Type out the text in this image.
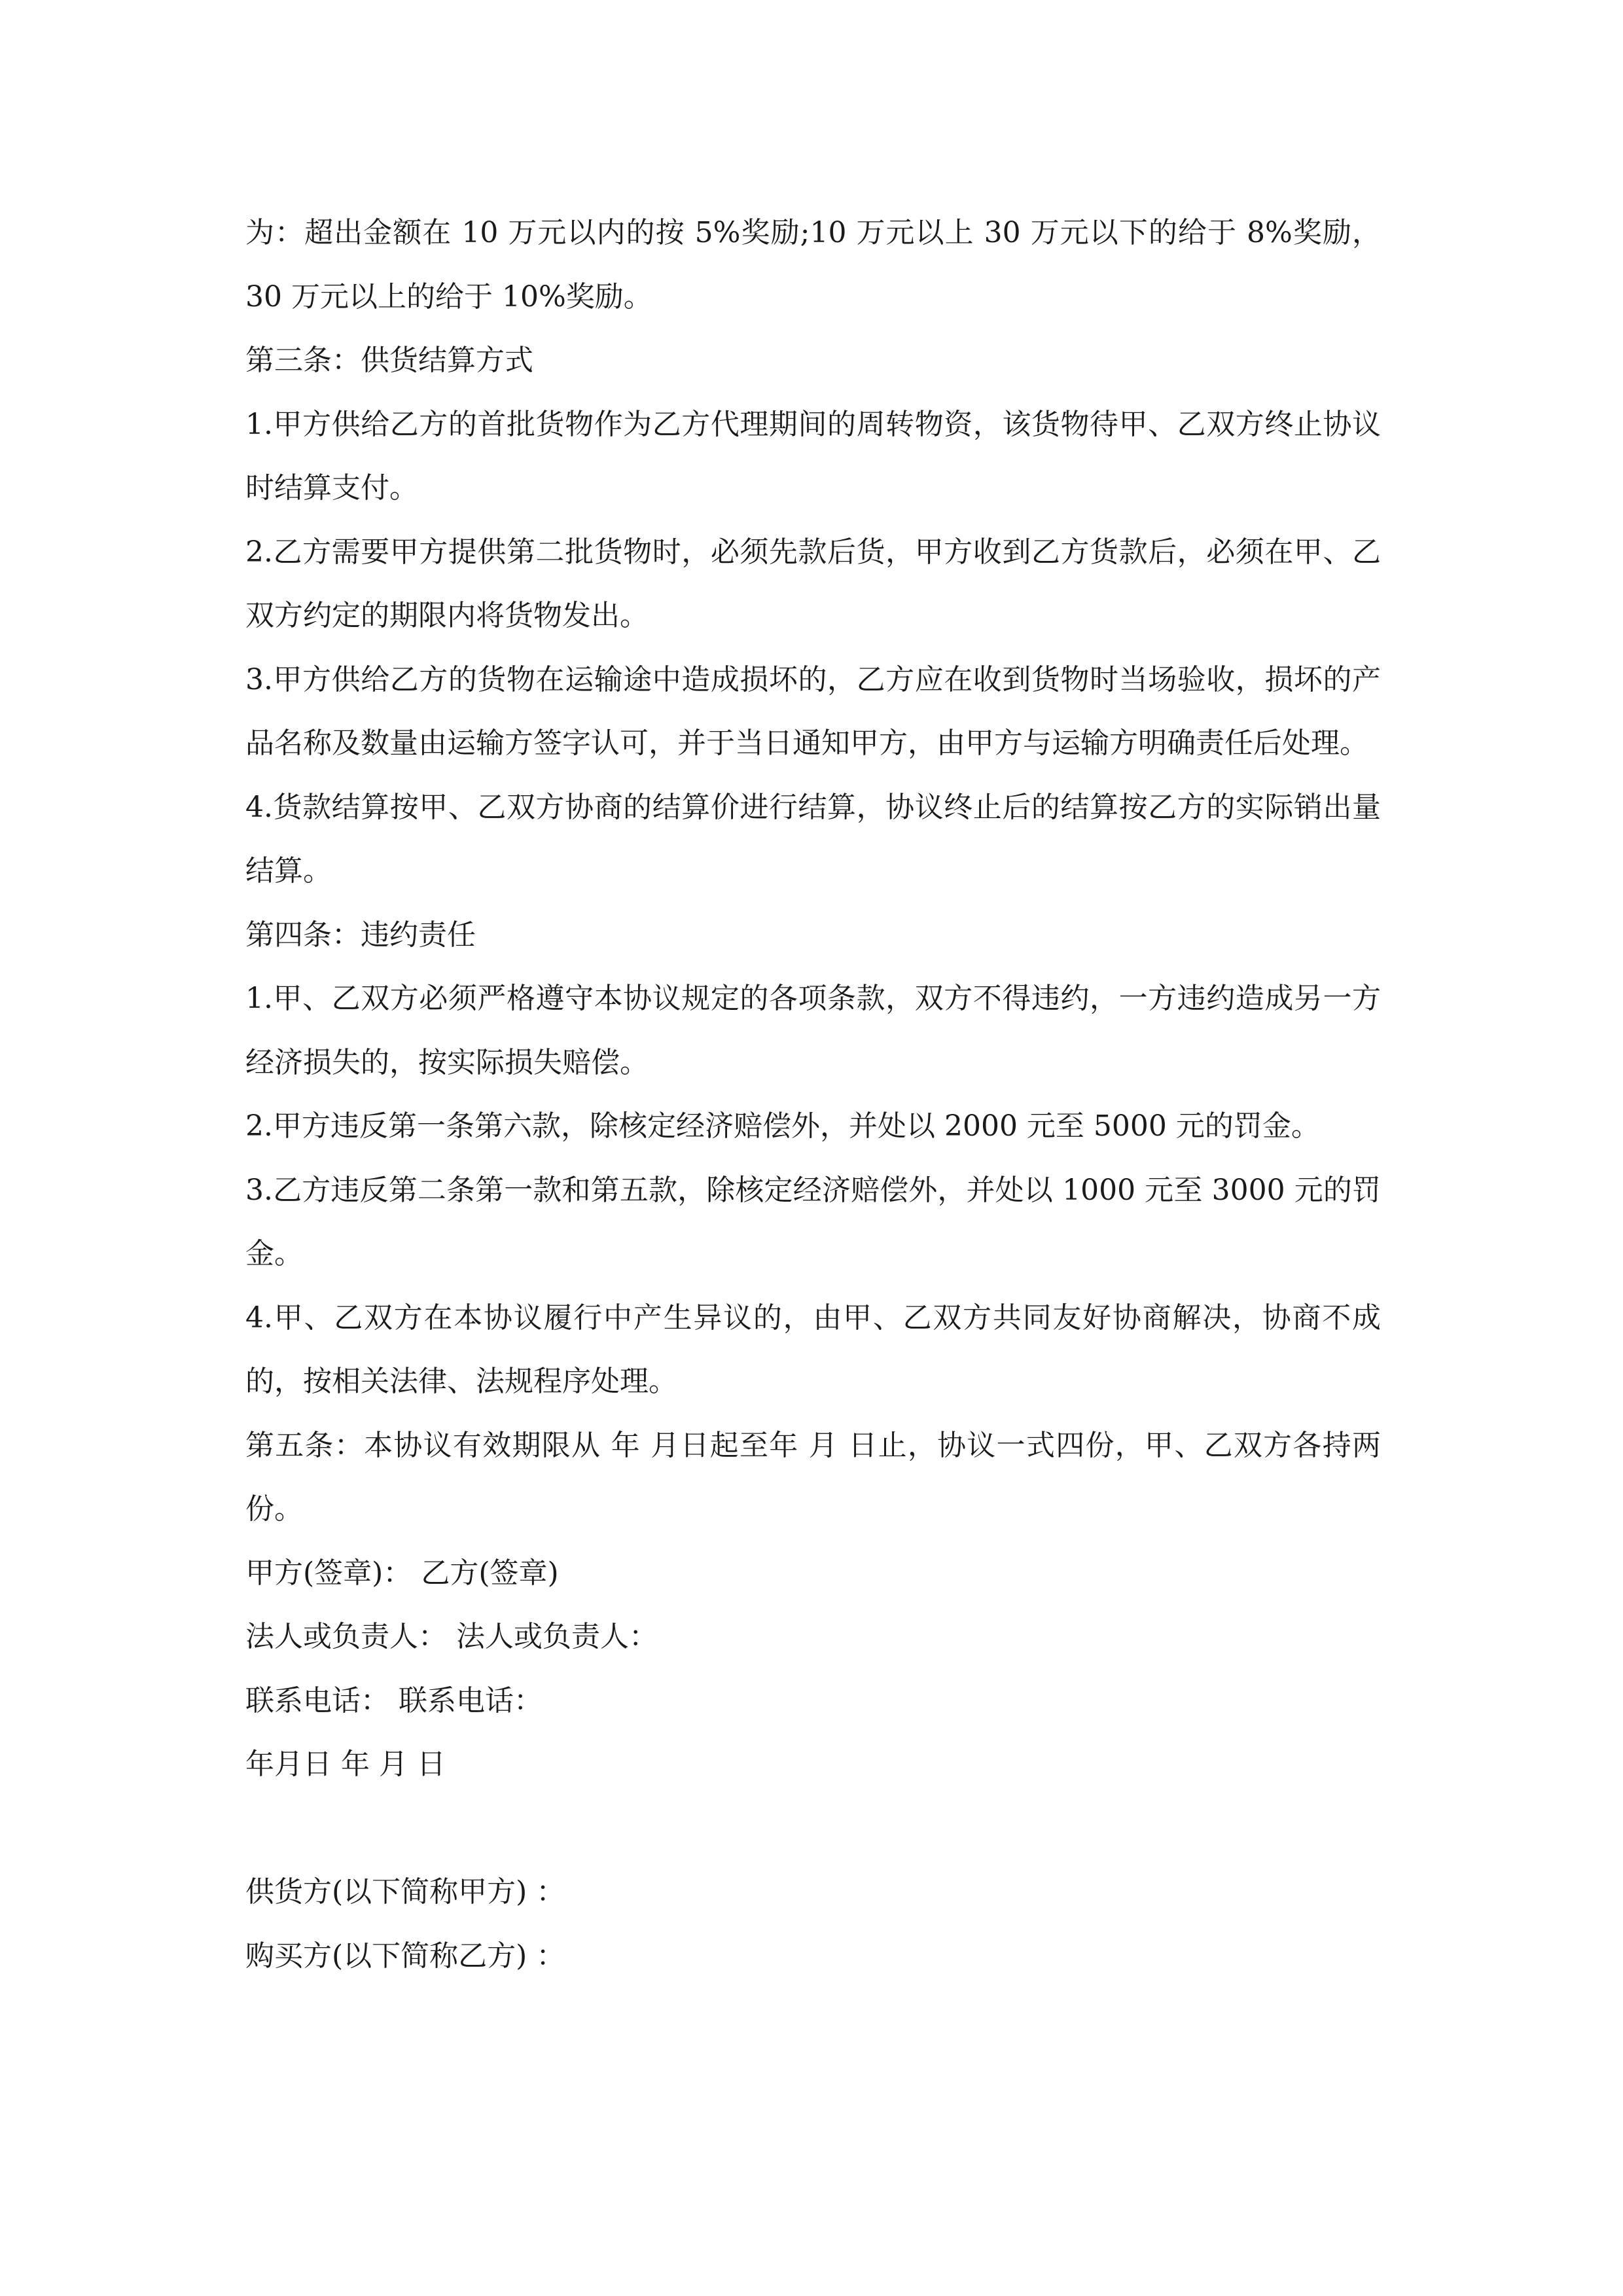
为：超出金额在 10 万元以内的按 5%奖励;10 万元以上 30 万元以下的给于 8%奖励，30 万元以上的给于 10%奖励。

第三条：供货结算方式

1.甲方供给乙方的首批货物作为乙方代理期间的周转物资，该货物待甲、乙双方终止协议时结算支付。

2.乙方需要甲方提供第二批货物时，必须先款后货，甲方收到乙方货款后，必须在甲、乙双方约定的期限内将货物发出。

3.甲方供给乙方的货物在运输途中造成损坏的，乙方应在收到货物时当场验收，损坏的产品名称及数量由运输方签字认可，并于当日通知甲方，由甲方与运输方明确责任后处理。

4.货款结算按甲、乙双方协商的结算价进行结算，协议终止后的结算按乙方的实际销出量结算。

第四条：违约责任

1.甲、乙双方必须严格遵守本协议规定的各项条款，双方不得违约，一方违约造成另一方经济损失的，按实际损失赔偿。

2.甲方违反第一条第六款，除核定经济赔偿外，并处以 2000 元至 5000 元的罚金。

3.乙方违反第二条第一款和第五款，除核定经济赔偿外，并处以 1000 元至 3000 元的罚金。

4.甲、乙双方在本协议履行中产生异议的，由甲、乙双方共同友好协商解决，协商不成的，按相关法律、法规程序处理。

第五条：本协议有效期限从 年 月日起至年 月 日止，协议一式四份，甲、乙双方各持两份。

甲方(签章)： 乙方(签章)

法人或负责人： 法人或负责人：

联系电话： 联系电话：

年月日 年 月 日

供货方(以下简称甲方) ：

购买方(以下简称乙方) ：
